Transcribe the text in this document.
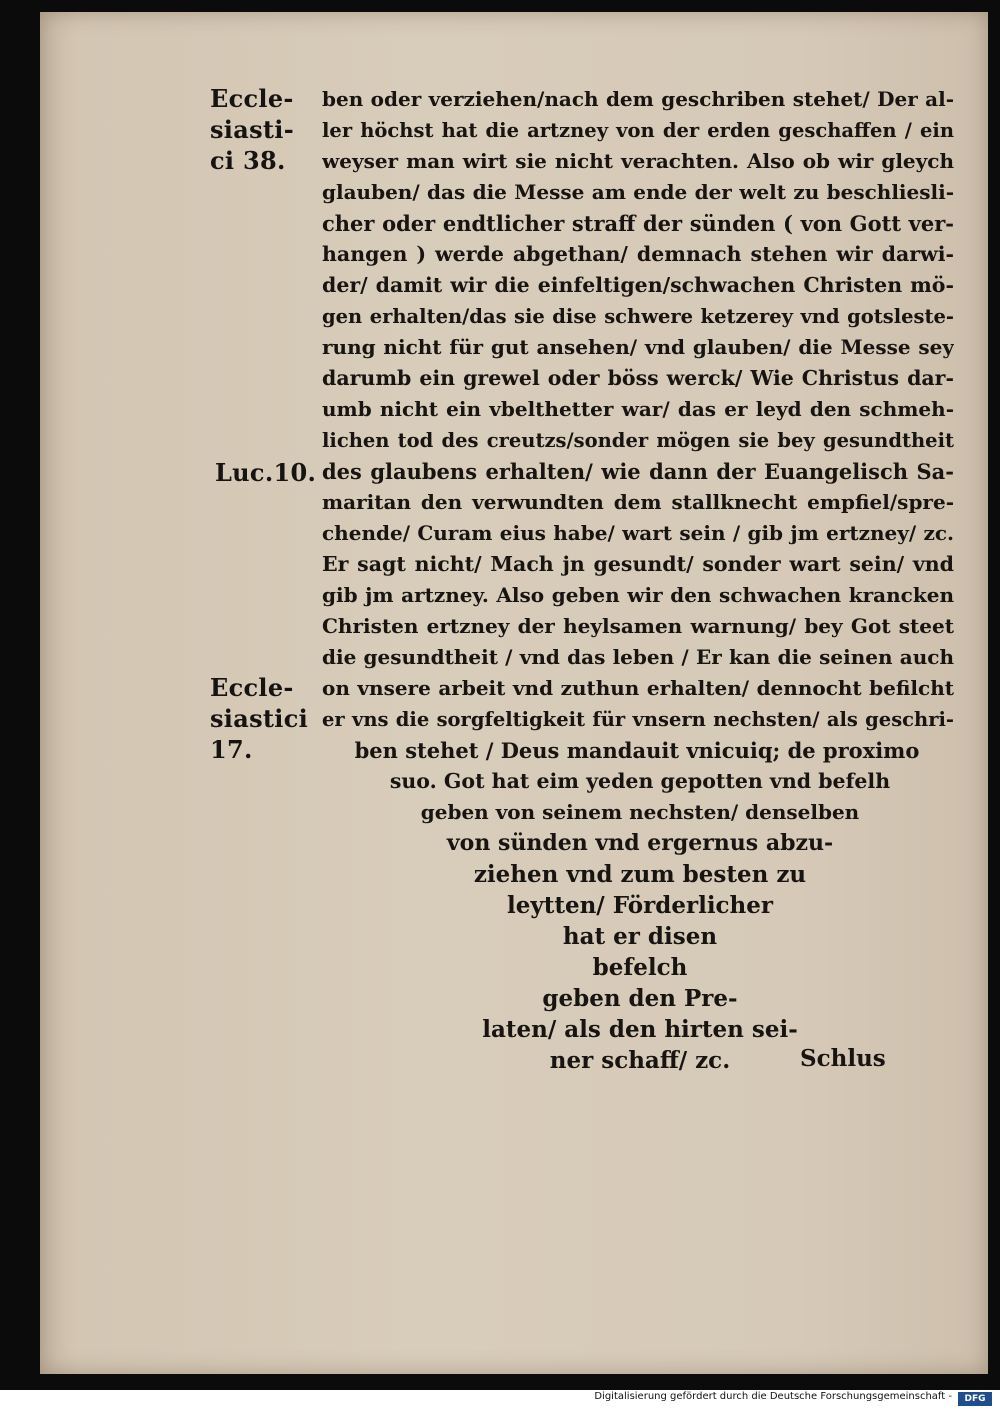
Eccle-
siasti-
ci 38.
Luc.10.
Eccle-
siastici
17.
ben oder verziehen/nach dem geschriben stehet/ Der al-
ler höchst hat die artzney von der erden geschaffen / ein
weyser man wirt sie nicht verachten. Also ob wir gleych
glauben/ das die Messe am ende der welt zu beschliesli-
cher oder endtlicher straff der sünden ( von Gott ver-
hangen ) werde abgethan/ demnach stehen wir darwi-
der/ damit wir die einfeltigen/schwachen Christen mö-
gen erhalten/das sie dise schwere ketzerey vnd gotsleste-
rung nicht für gut ansehen/ vnd glauben/ die Messe sey
darumb ein grewel oder böss werck/ Wie Christus dar-
umb nicht ein vbelthetter war/ das er leyd den schmeh-
lichen tod des creutzs/sonder mögen sie bey gesundtheit
des glaubens erhalten/ wie dann der Euangelisch Sa-
maritan den verwundten dem stallknecht empfiel/spre-
chende/ Curam eius habe/ wart sein / gib jm ertzney/ zc.
Er sagt nicht/ Mach jn gesundt/ sonder wart sein/ vnd
gib jm artzney. Also geben wir den schwachen krancken
Christen ertzney der heylsamen warnung/ bey Got steet
die gesundtheit / vnd das leben / Er kan die seinen auch
on vnsere arbeit vnd zuthun erhalten/ dennocht befilcht
er vns die sorgfeltigkeit für vnsern nechsten/ als geschri-
ben stehet / Deus mandauit vnicuiq; de proximo
suo. Got hat eim yeden gepotten vnd befelh
geben von seinem nechsten/ denselben
von sünden vnd ergernus abzu-
ziehen vnd zum besten zu
leytten/ Förderlicher
hat er disen
befelch
geben den Pre-
laten/ als den hirten sei-
ner schaff/ zc.	Schlus
Digitalisierung gefördert durch die Deutsche Forschungsgemeinschaft -	DFG
